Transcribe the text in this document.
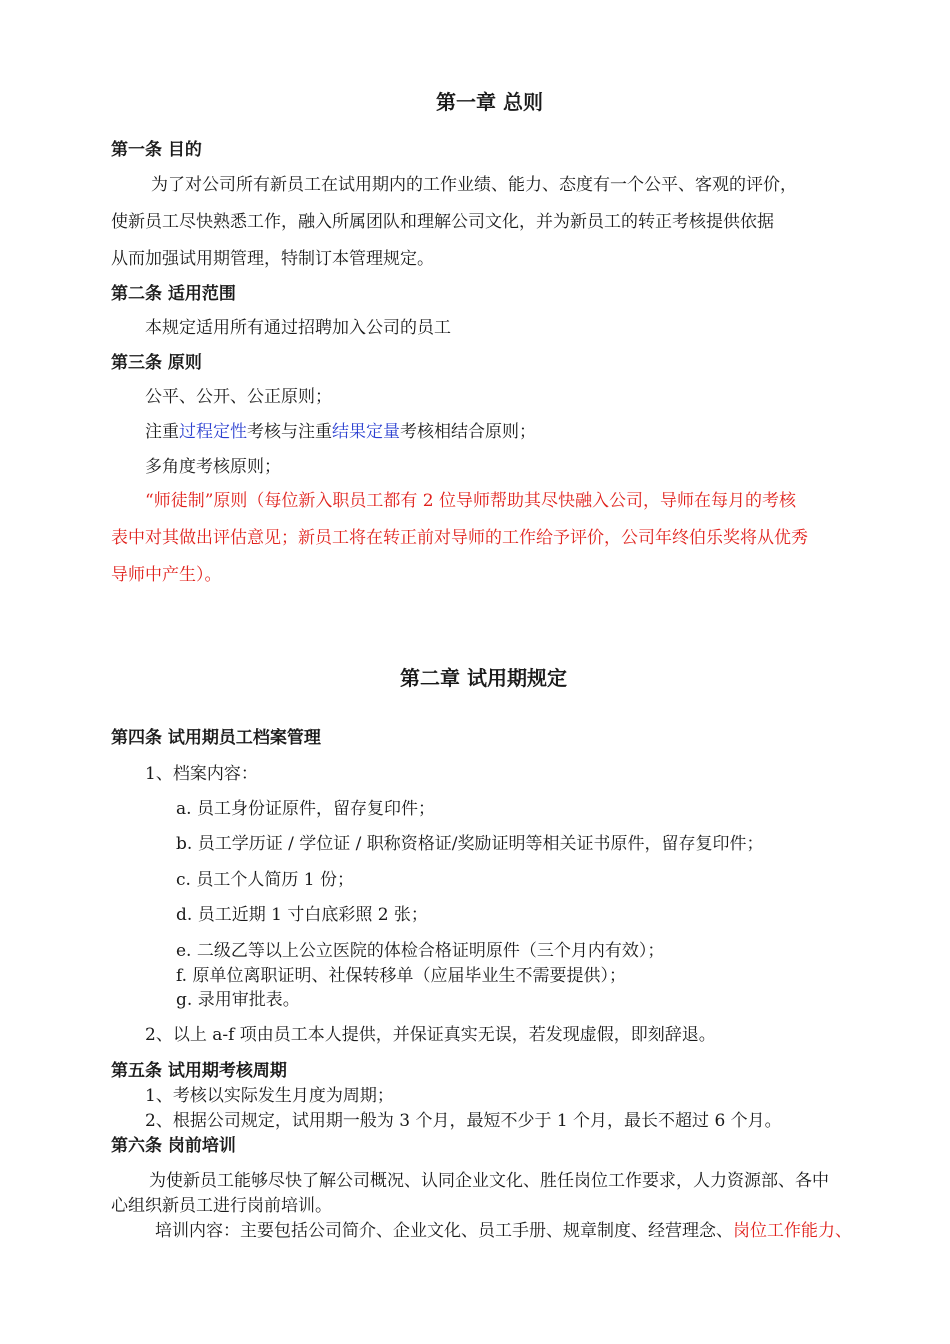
第一章 总则
第一条 目的
为了对公司所有新员工在试用期内的工作业绩、能力、态度有一个公平、客观的评价，
使新员工尽快熟悉工作，融入所属团队和理解公司文化，并为新员工的转正考核提供依据
从而加强试用期管理，特制订本管理规定。
第二条 适用范围
本规定适用所有通过招聘加入公司的员工
第三条 原则
公平、公开、公正原则；
注重过程定性考核与注重结果定量考核相结合原则；
多角度考核原则；
“师徒制”原则（每位新入职员工都有 2 位导师帮助其尽快融入公司，导师在每月的考核
表中对其做出评估意见；新员工将在转正前对导师的工作给予评价，公司年终伯乐奖将从优秀
导师中产生）。
第二章 试用期规定
第四条 试用期员工档案管理
1、档案内容：
a. 员工身份证原件，留存复印件；
b. 员工学历证 / 学位证 / 职称资格证/奖励证明等相关证书原件，留存复印件；
c. 员工个人简历 1 份；
d. 员工近期 1 寸白底彩照 2 张；
e. 二级乙等以上公立医院的体检合格证明原件（三个月内有效）；
f. 原单位离职证明、社保转移单（应届毕业生不需要提供）；
g. 录用审批表。
2、以上 a-f 项由员工本人提供，并保证真实无误，若发现虚假，即刻辞退。
第五条 试用期考核周期
1、考核以实际发生月度为周期；
2、根据公司规定，试用期一般为 3 个月，最短不少于 1 个月，最长不超过 6 个月。
第六条 岗前培训
为使新员工能够尽快了解公司概况、认同企业文化、胜任岗位工作要求，人力资源部、各中
心组织新员工进行岗前培训。
培训内容：主要包括公司简介、企业文化、员工手册、规章制度、经营理念、岗位工作能力、
